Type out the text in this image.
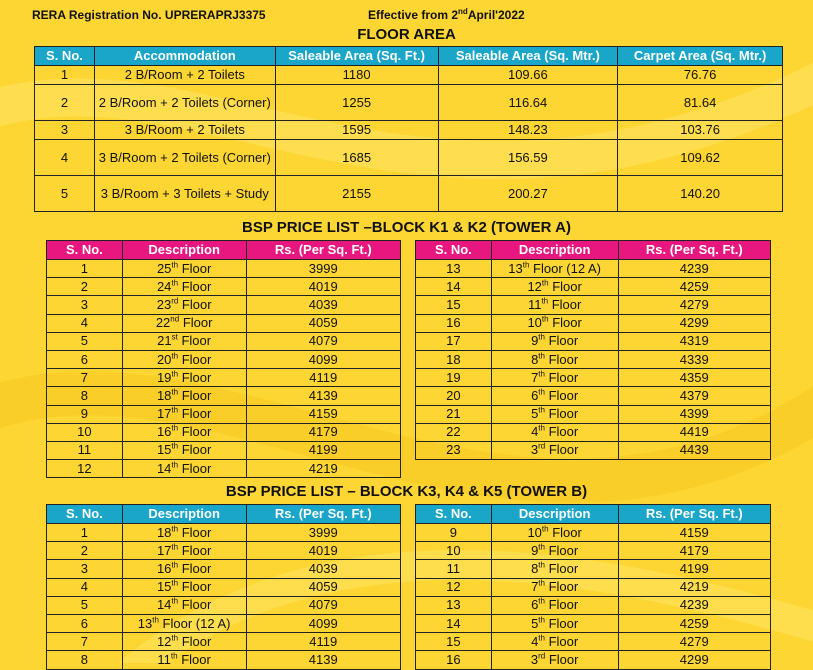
RERA Registration No. UPRERAPRJ3375	Effective from 2ndApril'2022
FLOOR AREA
S. No.	Accommodation	Saleable Area (Sq. Ft.)	Saleable Area (Sq. Mtr.)	Carpet Area (Sq. Mtr.)
1	2 B/Room + 2 Toilets	1180	109.66	76.76
2	2 B/Room + 2 Toilets (Corner)	1255	116.64	81.64
3	3 B/Room + 2 Toilets	1595	148.23	103.76
4	3 B/Room + 2 Toilets (Corner)	1685	156.59	109.62
5	3 B/Room + 3 Toilets + Study	2155	200.27	140.20
BSP PRICE LIST –BLOCK K1 & K2 (TOWER A)
S. No.	Description	Rs. (Per Sq. Ft.)
1	25th Floor	3999
2	24th Floor	4019
3	23rd Floor	4039
4	22nd Floor	4059
5	21st Floor	4079
6	20th Floor	4099
7	19th Floor	4119
8	18th Floor	4139
9	17th Floor	4159
10	16th Floor	4179
11	15th Floor	4199
12	14th Floor	4219
S. No.	Description	Rs. (Per Sq. Ft.)
13	13th Floor (12 A)	4239
14	12th Floor	4259
15	11th Floor	4279
16	10th Floor	4299
17	9th Floor	4319
18	8th Floor	4339
19	7th Floor	4359
20	6th Floor	4379
21	5th Floor	4399
22	4th Floor	4419
23	3rd Floor	4439
BSP PRICE LIST – BLOCK K3, K4 & K5 (TOWER B)
S. No.	Description	Rs. (Per Sq. Ft.)
1	18th Floor	3999
2	17th Floor	4019
3	16th Floor	4039
4	15th Floor	4059
5	14th Floor	4079
6	13th Floor (12 A)	4099
7	12th Floor	4119
8	11th Floor	4139
S. No.	Description	Rs. (Per Sq. Ft.)
9	10th Floor	4159
10	9th Floor	4179
11	8th Floor	4199
12	7th Floor	4219
13	6th Floor	4239
14	5th Floor	4259
15	4th Floor	4279
16	3rd Floor	4299
